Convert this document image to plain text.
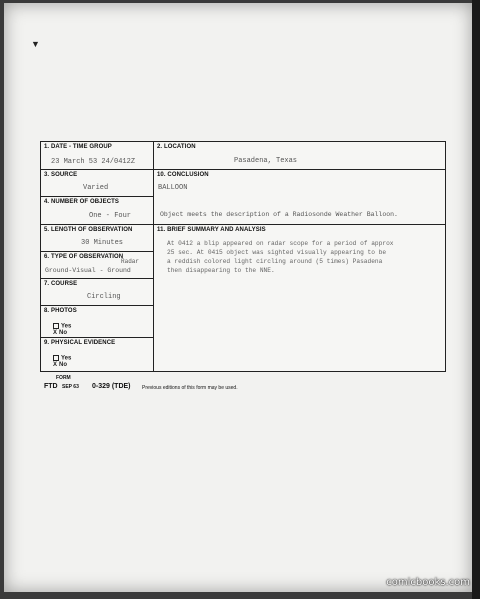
▼
1. DATE - TIME GROUP
23 March 53 24/0412Z
3. SOURCE
Varied
4. NUMBER OF OBJECTS
One - Four
5. LENGTH OF OBSERVATION
30 Minutes
6. TYPE OF OBSERVATION
Radar
Ground-Visual - Ground
7. COURSE
Circling
8. PHOTOS
Yes
X No
9. PHYSICAL EVIDENCE
Yes
X No
2. LOCATION
Pasadena, Texas
10. CONCLUSION
BALLOON
Object meets the description of a Radiosonde Weather Balloon.
11. BRIEF SUMMARY AND ANALYSIS
At 0412 a blip appeared on radar scope for a period of approx
25 sec. At 0415 object was sighted visually appearing to be
a reddish colored light circling around (5 times) Pasadena
then disappearing to the NNE.
FORM
FTD SEP 63 0-329 (TDE) Previous editions of this form may be used.
comicbooks.com
